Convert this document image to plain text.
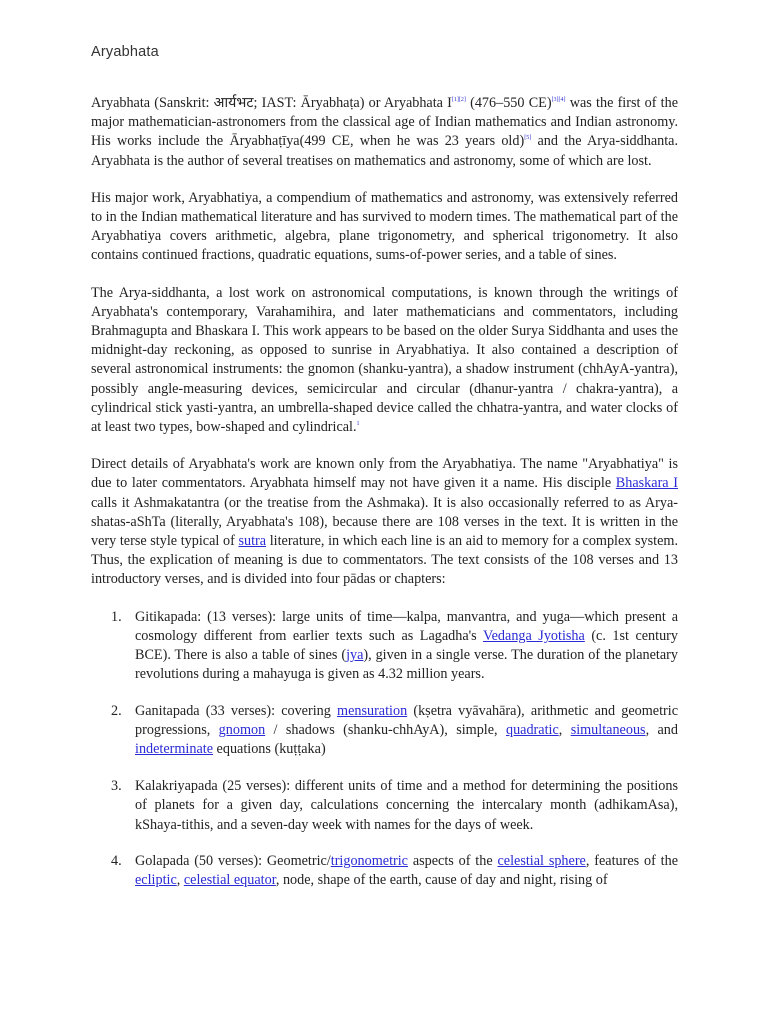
Aryabhata

Aryabhata (Sanskrit: आर्यभट; IAST: Āryabhaṭa) or Aryabhata I[1][2] (476–550 CE)[3][4] was the first of the major mathematician-astronomers from the classical age of Indian mathematics and Indian astronomy. His works include the Āryabhaṭīya(499 CE, when he was 23 years old)[5] and the Arya-siddhanta. Aryabhata is the author of several treatises on mathematics and astronomy, some of which are lost.

His major work, Aryabhatiya, a compendium of mathematics and astronomy, was extensively referred to in the Indian mathematical literature and has survived to modern times. The mathematical part of the Aryabhatiya covers arithmetic, algebra, plane trigonometry, and spherical trigonometry. It also contains continued fractions, quadratic equations, sums-of-power series, and a table of sines.

The Arya-siddhanta, a lost work on astronomical computations, is known through the writings of Aryabhata's contemporary, Varahamihira, and later mathematicians and commentators, including Brahmagupta and Bhaskara I. This work appears to be based on the older Surya Siddhanta and uses the midnight-day reckoning, as opposed to sunrise in Aryabhatiya. It also contained a description of several astronomical instruments: the gnomon (shanku-yantra), a shadow instrument (chhAyA-yantra), possibly angle-measuring devices, semicircular and circular (dhanur-yantra / chakra-yantra), a cylindrical stick yasti-yantra, an umbrella-shaped device called the chhatra-yantra, and water clocks of at least two types, bow-shaped and cylindrical.$^1$

Direct details of Aryabhata's work are known only from the Aryabhatiya. The name "Aryabhatiya" is due to later commentators. Aryabhata himself may not have given it a name. His disciple Bhaskara I calls it Ashmakatantra (or the treatise from the Ashmaka). It is also occasionally referred to as Arya-shatas-aShTa (literally, Aryabhata's 108), because there are 108 verses in the text. It is written in the very terse style typical of sutra literature, in which each line is an aid to memory for a complex system. Thus, the explication of meaning is due to commentators. The text consists of the 108 verses and 13 introductory verses, and is divided into four pādas or chapters:

1. Gitikapada: (13 verses): large units of time—kalpa, manvantra, and yuga—which present a cosmology different from earlier texts such as Lagadha's Vedanga Jyotisha (c. 1st century BCE). There is also a table of sines (jya), given in a single verse. The duration of the planetary revolutions during a mahayuga is given as 4.32 million years.
2. Ganitapada (33 verses): covering mensuration (kṣetra vyāvahāra), arithmetic and geometric progressions, gnomon / shadows (shanku-chhAyA), simple, quadratic, simultaneous, and indeterminate equations (kuṭṭaka)
3. Kalakriyapada (25 verses): different units of time and a method for determining the positions of planets for a given day, calculations concerning the intercalary month (adhikamAsa), kShaya-tithis, and a seven-day week with names for the days of week.
4. Golapada (50 verses): Geometric/trigonometric aspects of the celestial sphere, features of the ecliptic, celestial equator, node, shape of the earth, cause of day and night, rising of
